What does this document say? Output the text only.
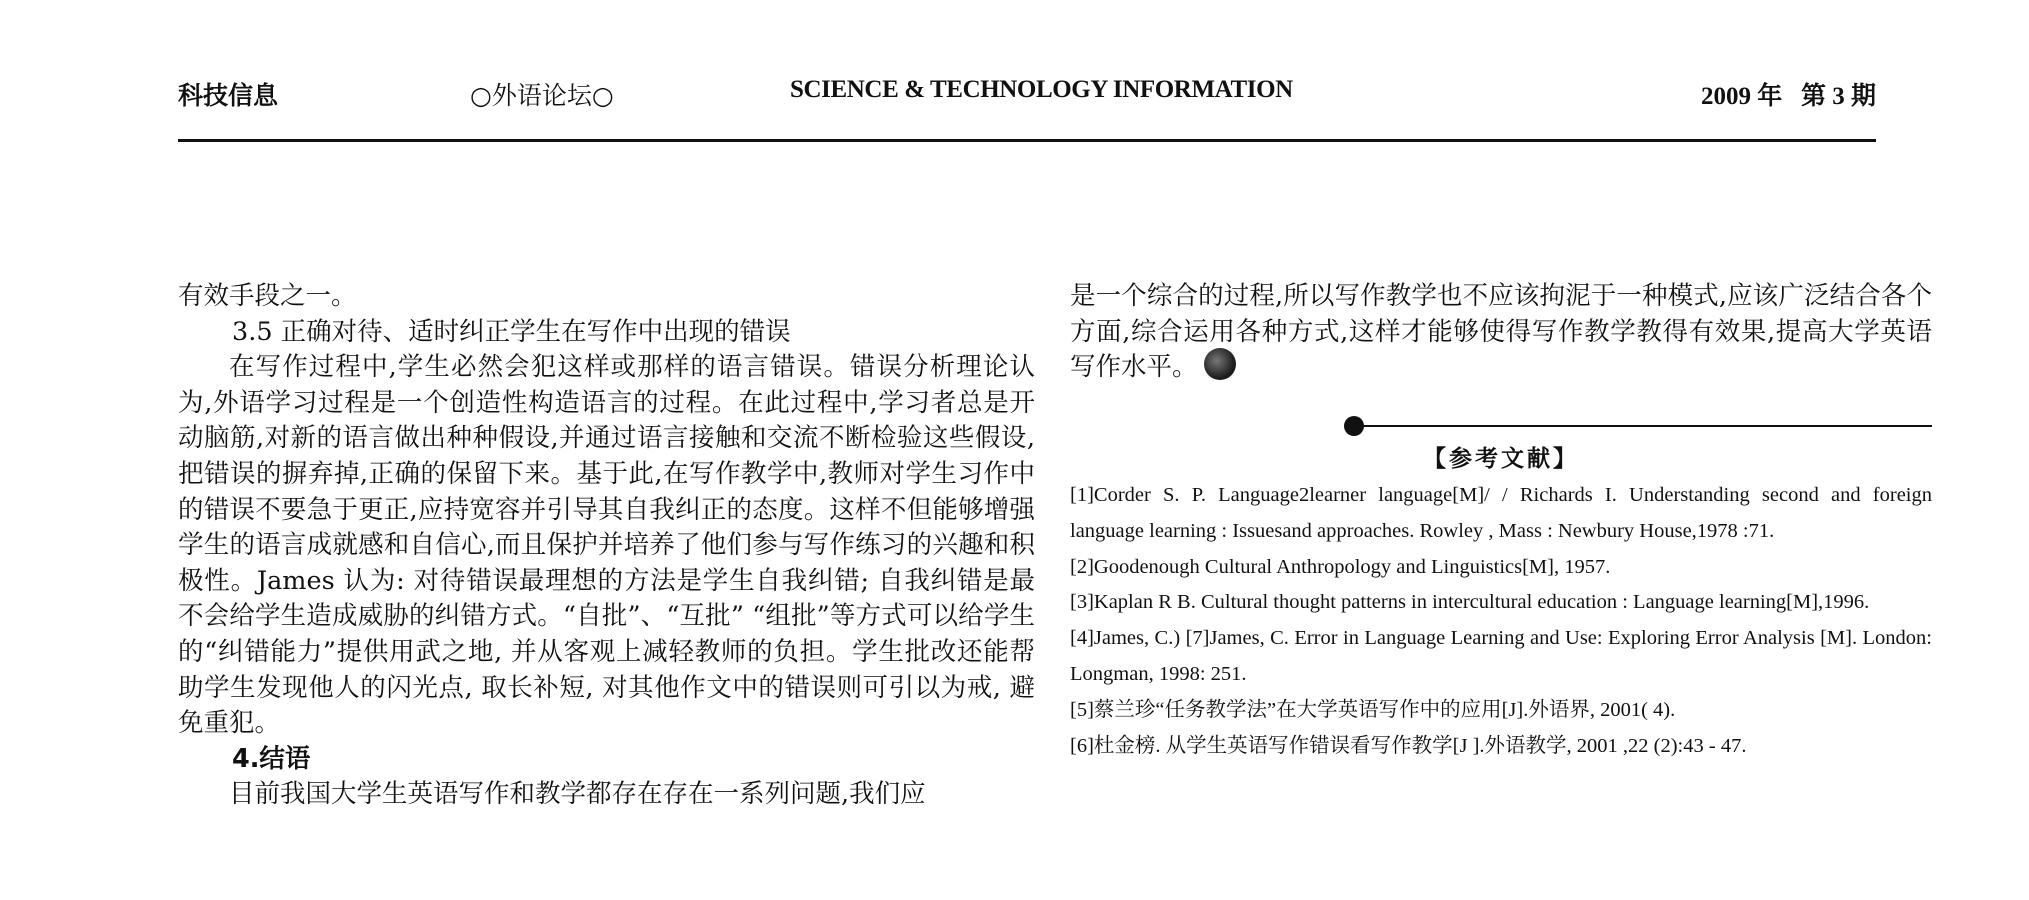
科技信息	○外语论坛○	SCIENCE & TECHNOLOGY INFORMATION	2009 年   第 3 期

有效手段之一。

3.5 正确对待、适时纠正学生在写作中出现的错误

在写作过程中,学生必然会犯这样或那样的语言错误。错误分析理论认为,外语学习过程是一个创造性构造语言的过程。在此过程中,学习者总是开动脑筋,对新的语言做出种种假设,并通过语言接触和交流不断检验这些假设,把错误的摒弃掉,正确的保留下来。基于此,在写作教学中,教师对学生习作中的错误不要急于更正,应持宽容并引导其自我纠正的态度。这样不但能够增强学生的语言成就感和自信心,而且保护并培养了他们参与写作练习的兴趣和积极性。James 认为: 对待错误最理想的方法是学生自我纠错; 自我纠错是最不会给学生造成威胁的纠错方式。“自批”、“互批” “组批”等方式可以给学生的“纠错能力”提供用武之地, 并从客观上减轻教师的负担。学生批改还能帮助学生发现他人的闪光点, 取长补短, 对其他作文中的错误则可引以为戒, 避免重犯。

4.结语

目前我国大学生英语写作和教学都存在存在一系列问题,我们应

是一个综合的过程,所以写作教学也不应该拘泥于一种模式,应该广泛结合各个方面,综合运用各种方式,这样才能够使得写作教学教得有效果,提高大学英语写作水平。

【参考文献】

[1]Corder S. P. Language2learner language[M]/ / Richards I. Understanding second and foreign language learning : Issuesand approaches. Rowley , Mass : Newbury House,1978 :71.

[2]Goodenough Cultural Anthropology and Linguistics[M], 1957.

[3]Kaplan R B. Cultural thought patterns in intercultural education : Language learning[M],1996.

[4]James, C.) [7]James, C. Error in Language Learning and Use: Exploring Error Analysis [M]. London: Longman, 1998: 251.

[5]蔡兰珍“任务教学法”在大学英语写作中的应用[J].外语界, 2001( 4).

[6]杜金榜. 从学生英语写作错误看写作教学[J ].外语教学, 2001 ,22 (2):43 - 47.
